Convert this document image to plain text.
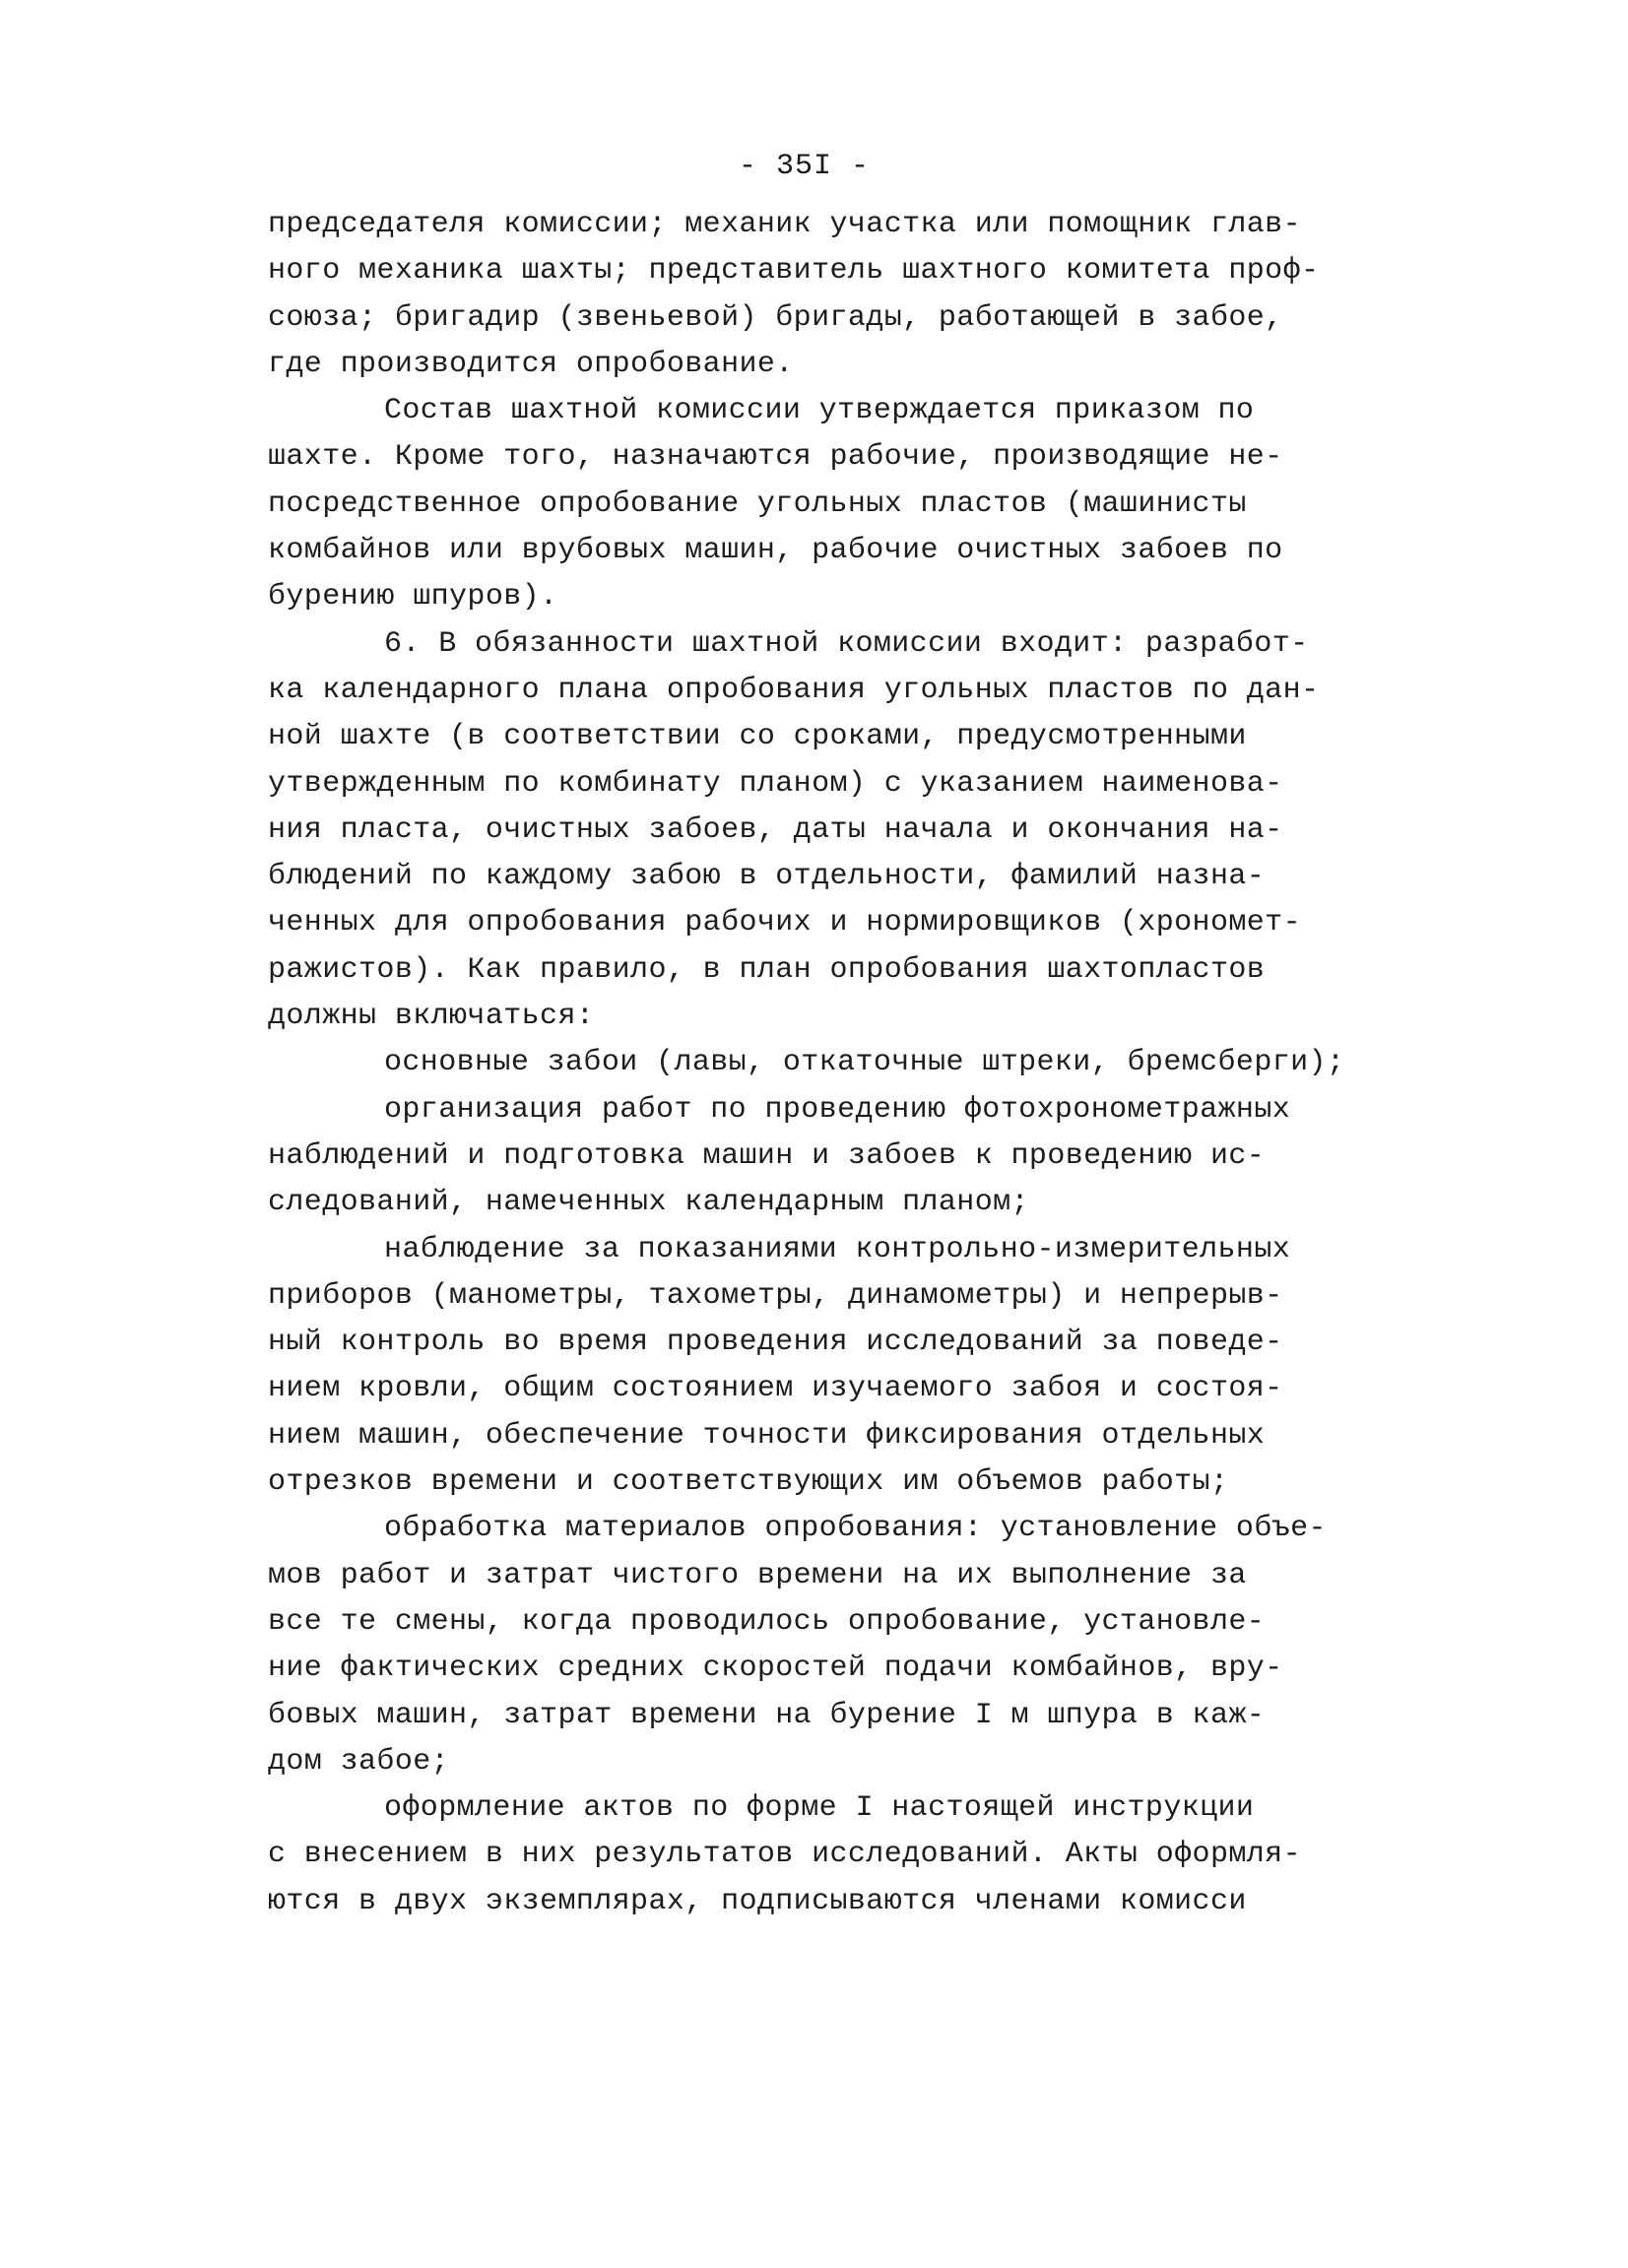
- 35I -
председателя комиссии; механик участка или помощник глав-
ного механика шахты; представитель шахтного комитета проф-
союза; бригадир (звеньевой) бригады, работающей в забое,
где производится опробование.
Состав шахтной комиссии утверждается приказом по
шахте. Кроме того, назначаются рабочие, производящие не-
посредственное опробование угольных пластов (машинисты
комбайнов или врубовых машин, рабочие очистных забоев по
бурению шпуров).
6. В обязанности шахтной комиссии входит: разработ-
ка календарного плана опробования угольных пластов по дан-
ной шахте (в соответствии со сроками, предусмотренными
утвержденным по комбинату планом) с указанием наименова-
ния пласта, очистных забоев, даты начала и окончания на-
блюдений по каждому забою в отдельности, фамилий назна-
ченных для опробования рабочих и нормировщиков (хрономет-
ражистов). Как правило, в план опробования шахтопластов
должны включаться:
основные забои (лавы, откаточные штреки, бремсберги);
организация работ по проведению фотохронометражных
наблюдений и подготовка машин и забоев к проведению ис-
следований, намеченных календарным планом;
наблюдение за показаниями контрольно-измерительных
приборов (манометры, тахометры, динамометры) и непрерыв-
ный контроль во время проведения исследований за поведе-
нием кровли, общим состоянием изучаемого забоя и состоя-
нием машин, обеспечение точности фиксирования отдельных
отрезков времени и соответствующих им объемов работы;
обработка материалов опробования: установление объе-
мов работ и затрат чистого времени на их выполнение за
все те смены, когда проводилось опробование, установле-
ние фактических средних скоростей подачи комбайнов, вру-
бовых машин, затрат времени на бурение I м шпура в каж-
дом забое;
оформление актов по форме I настоящей инструкции
с внесением в них результатов исследований. Акты оформля-
ются в двух экземплярах, подписываются членами комисси
